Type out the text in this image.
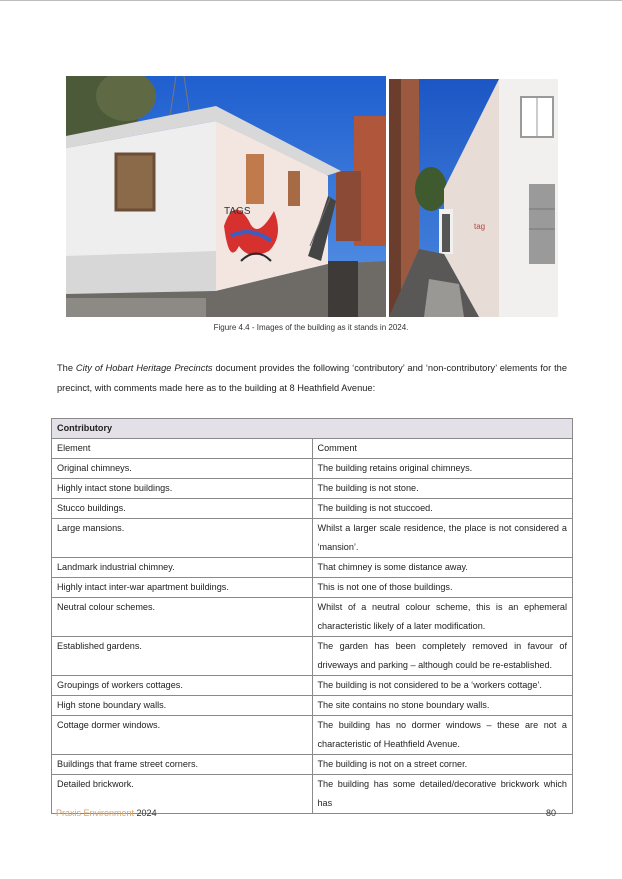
TAGS
tag
Figure 4.4 - Images of the building as it stands in 2024.

The City of Hobart Heritage Precincts document provides the following ‘contributory’ and ‘non-contributory’ elements for the precinct, with comments made here as to the building at 8 Heathfield Avenue:

Contributory	
Element	Comment
Original chimneys.	The building retains original chimneys.
Highly intact stone buildings.	The building is not stone.
Stucco buildings.	The building is not stuccoed.
Large mansions.	Whilst a larger scale residence, the place is not considered a ‘mansion’.
Landmark industrial chimney.	That chimney is some distance away.
Highly intact inter-war apartment buildings.	This is not one of those buildings.
Neutral colour schemes.	Whilst of a neutral colour scheme, this is an ephemeral characteristic likely of a later modification.
Established gardens.	The garden has been completely removed in favour of driveways and parking – although could be re-established.
Groupings of workers cottages.	The building is not considered to be a ‘workers cottage’.
High stone boundary walls.	The site contains no stone boundary walls.
Cottage dormer windows.	The building has no dormer windows – these are not a characteristic of Heathfield Avenue.
Buildings that frame street corners.	The building is not on a street corner.
Detailed brickwork.	The building has some detailed/decorative brickwork which has
Praxis Environment 2024	80
